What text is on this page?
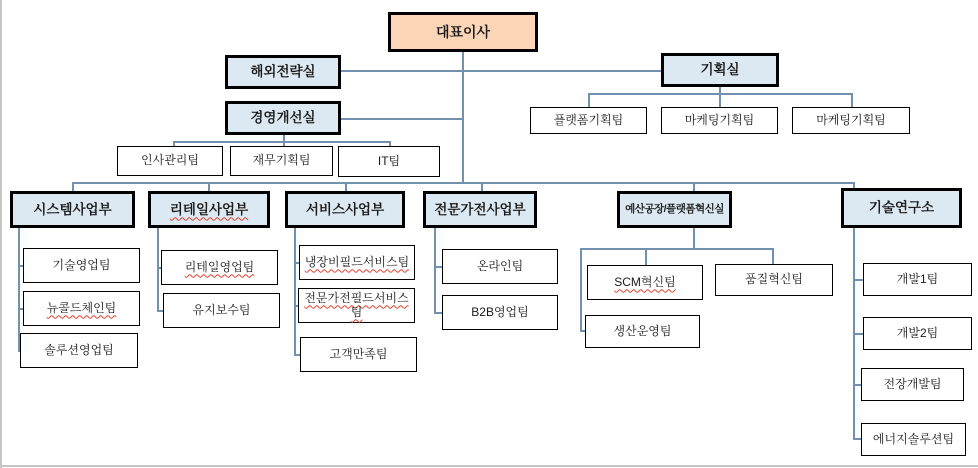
대표이사
해외전략실	기획실
경영개선실	플랫폼기획팀	마케팅기획팀	마케팅기획팀
인사관리팀	재무기획팀	IT팀
시스템사업부	리테일사업부	서비스사업부	전문가전사업부	예산공장/플랫폼혁신실	기술연구소
기술영업팀
뉴콜드체인팀
솔루션영업팀
리테일영업팀
유지보수팀
냉장비필드서비스팀
전문가전필드서비스팀
고객만족팀
온라인팀
B2B영업팀
SCM혁신팀	품질혁신팀
생산운영팀
개발1팀
개발2팀
전장개발팀
에너지솔루션팀
